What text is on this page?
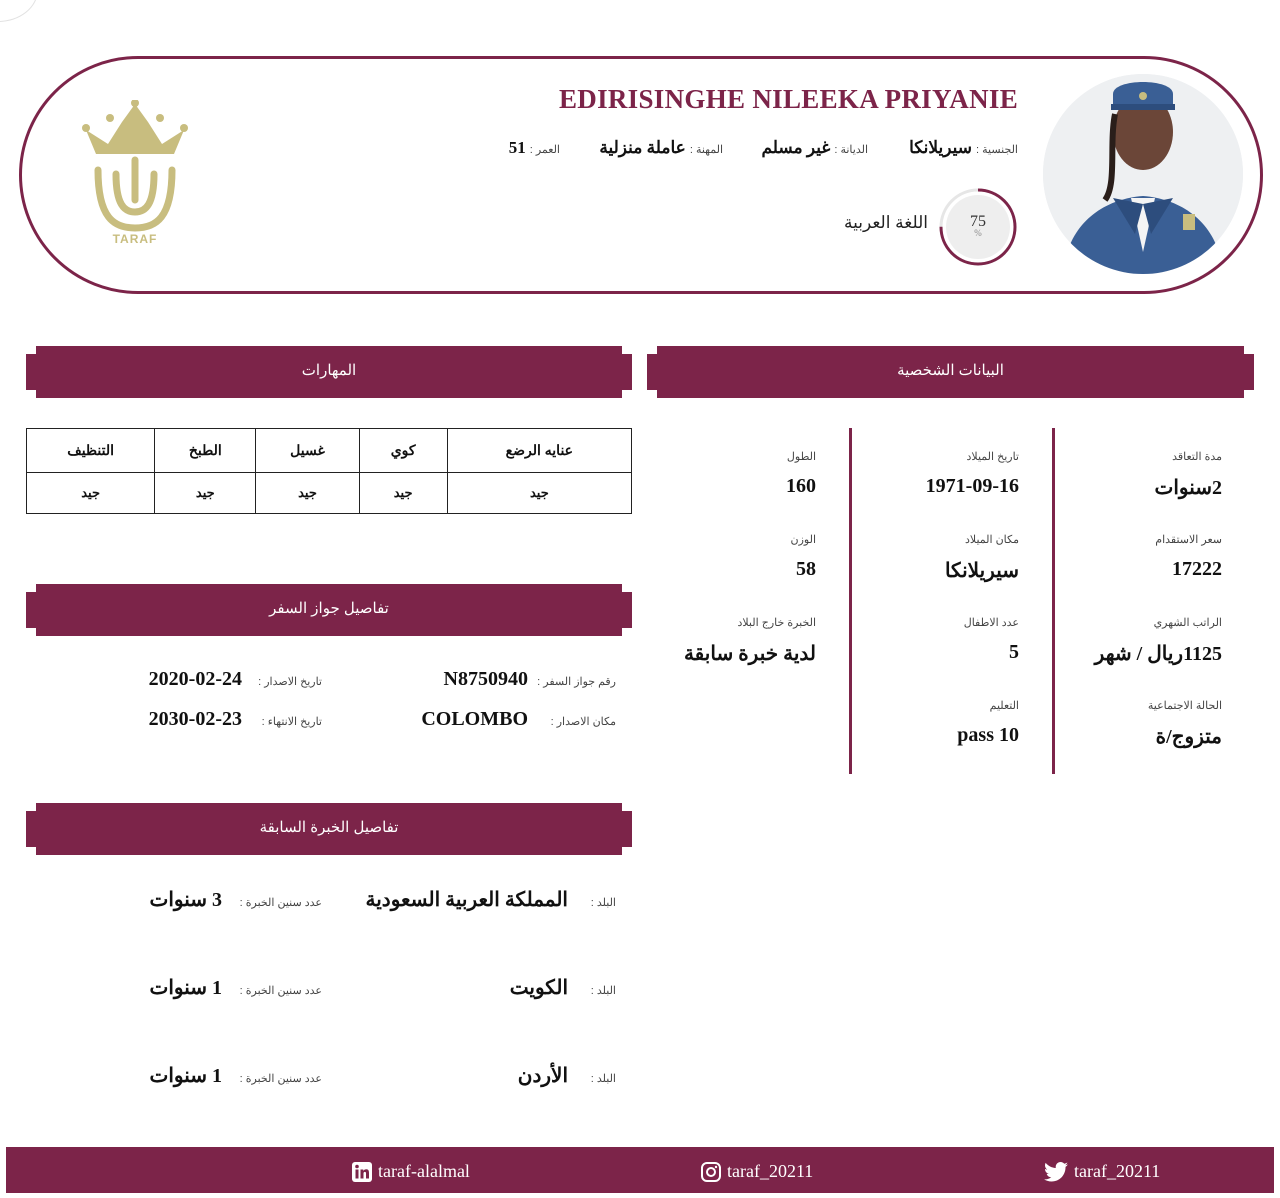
TARAF
EDIRISINGHE NILEEKA PRIYANIE
الجنسية :
سيريلانكا
الديانة :
غير مسلم
المهنة :
عاملة منزلية
العمر :
51
75
%
اللغة العربية
البيانات الشخصية
مدة التعاقد
2سنوات
تاريخ الميلاد
1971-09-16
الطول
160
سعر الاستقدام
17222
مكان الميلاد
سيريلانكا
الوزن
58
الراتب الشهري
1125ريال / شهر
عدد الاطفال
5
الخبرة خارج البلاد
لدية خبرة سابقة
الحالة الاجتماعية
متزوج/ة
التعليم
pass 10
المهارات
عنايه الرضع	كوي	غسيل	الطبخ	التنظيف
جيد	جيد	جيد	جيد	جيد
تفاصيل جواز السفر
رقم جواز السفر :
N8750940
تاريخ الاصدار :
2020-02-24
مكان الاصدار :
COLOMBO
تاريخ الانتهاء :
2030-02-23
تفاصيل الخبرة السابقة
البلد :
المملكة العربية السعودية
عدد سنين الخبرة :
3 سنوات
البلد :
الكويت
عدد سنين الخبرة :
1 سنوات
البلد :
الأردن
عدد سنين الخبرة :
1 سنوات
taraf-alalmal	taraf_20211	taraf_20211
